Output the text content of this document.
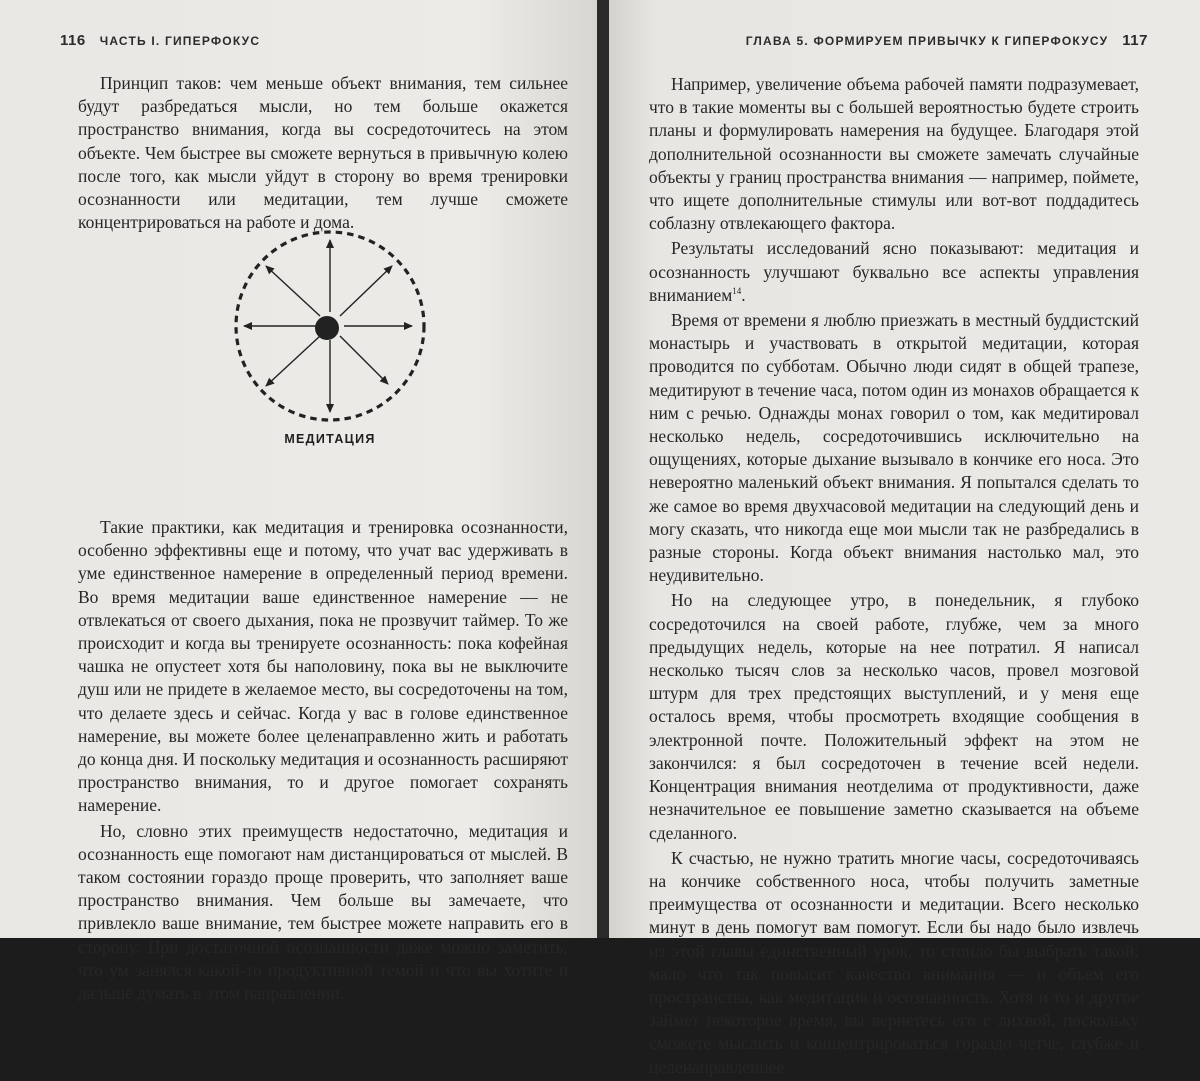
116 ЧАСТЬ I. ГИПЕРФОКУС

Принцип таков: чем меньше объект внимания, тем сильнее будут разбредаться мысли, но тем больше окажется пространство внимания, когда вы сосредоточитесь на этом объекте. Чем быстрее вы сможете вернуться в привычную колею после того, как мысли уйдут в сторону во время тренировки осознанности или медитации, тем лучше сможете концентрироваться на работе и дома.

МЕДИТАЦИЯ

Такие практики, как медитация и тренировка осознанности, особенно эффективны еще и потому, что учат вас удерживать в уме единственное намерение в определенный период времени. Во время медитации ваше единственное намерение — не отвлекаться от своего дыхания, пока не прозвучит таймер. То же происходит и когда вы тренируете осознанность: пока кофейная чашка не опустеет хотя бы наполовину, пока вы не выключите душ или не придете в желаемое место, вы сосредоточены на том, что делаете здесь и сейчас. Когда у вас в голове единственное намерение, вы можете более целенаправленно жить и работать до конца дня. И поскольку медитация и осознанность расширяют пространство внимания, то и другое помогает сохранять намерение.

Но, словно этих преимуществ недостаточно, медитация и осознанность еще помогают нам дистанцироваться от мыслей. В таком состоянии гораздо проще проверить, что заполняет ваше пространство внимания. Чем больше вы замечаете, что привлекло ваше внимание, тем быстрее можете направить его в сторону. При достаточной осознанности даже можно заметить, что ум занялся какой-то продуктивной темой и что вы хотите и дальше думать в этом направлении.

ГЛАВА 5. ФОРМИРУЕМ ПРИВЫЧКУ К ГИПЕРФОКУСУ 117

Например, увеличение объема рабочей памяти подразумевает, что в такие моменты вы с большей вероятностью будете строить планы и формулировать намерения на будущее. Благодаря этой дополнительной осознанности вы сможете замечать случайные объекты у границ пространства внимания — например, поймете, что ищете дополнительные стимулы или вот-вот поддадитесь соблазну отвлекающего фактора.

Результаты исследований ясно показывают: медитация и осознанность улучшают буквально все аспекты управления вниманием$^{14}$.

Время от времени я люблю приезжать в местный буддистский монастырь и участвовать в открытой медитации, которая проводится по субботам. Обычно люди сидят в общей трапезе, медитируют в течение часа, потом один из монахов обращается к ним с речью. Однажды монах говорил о том, как медитировал несколько недель, сосредоточившись исключительно на ощущениях, которые дыхание вызывало в кончике его носа. Это невероятно маленький объект внимания. Я попытался сделать то же самое во время двухчасовой медитации на следующий день и могу сказать, что никогда еще мои мысли так не разбредались в разные стороны. Когда объект внимания настолько мал, это неудивительно.

Но на следующее утро, в понедельник, я глубоко сосредоточился на своей работе, глубже, чем за много предыдущих недель, которые на нее потратил. Я написал несколько тысяч слов за несколько часов, провел мозговой штурм для трех предстоящих выступлений, и у меня еще осталось время, чтобы просмотреть входящие сообщения в электронной почте. Положительный эффект на этом не закончился: я был сосредоточен в течение всей недели. Концентрация внимания неотделима от продуктивности, даже незначительное ее повышение заметно сказывается на объеме сделанного.

К счастью, не нужно тратить многие часы, сосредоточиваясь на кончике собственного носа, чтобы получить заметные преимущества от осознанности и медитации. Всего несколько минут в день помогут вам помогут. Если бы надо было извлечь из этой главы единственный урок, то стоило бы выбрать такой: мало что так повысит качество внимания — и объем его пространства, как медитация и осознанность. Хотя и то и другое займет некоторое время, вы вернетесь его с лихвой, поскольку сможете мыслить и концентрироваться гораздо четче, глубже и целенаправленнее.
